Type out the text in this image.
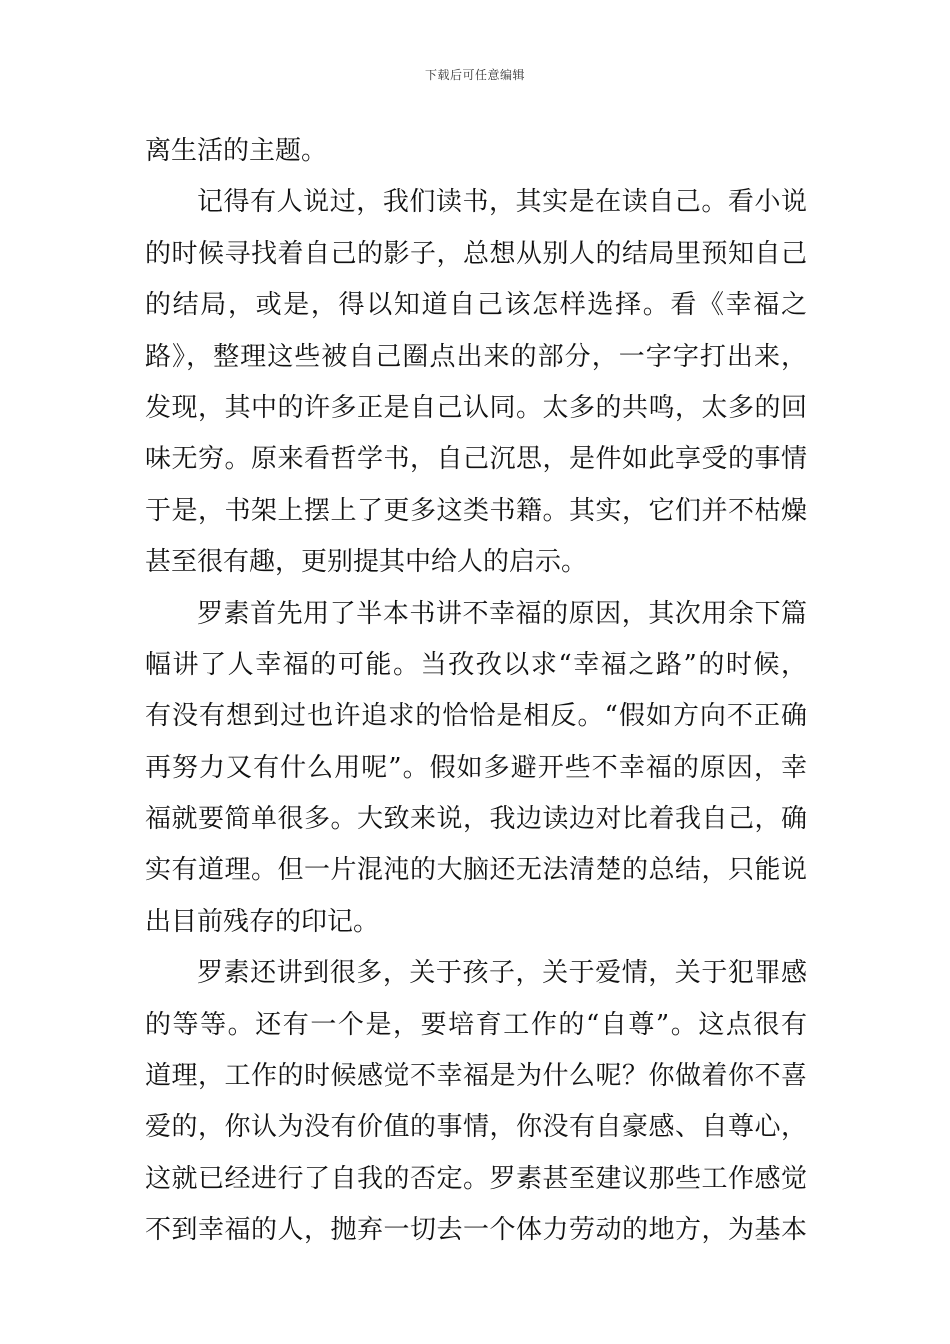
下载后可任意编辑
离生活的主题。
记得有人说过，我们读书，其实是在读自己。看小说
的时候寻找着自己的影子，总想从别人的结局里预知自己
的结局，或是，得以知道自己该怎样选择。看《幸福之
路》，整理这些被自己圈点出来的部分，一字字打出来，
发现，其中的许多正是自己认同。太多的共鸣，太多的回
味无穷。原来看哲学书，自己沉思，是件如此享受的事情
于是，书架上摆上了更多这类书籍。其实，它们并不枯燥
甚至很有趣，更别提其中给人的启示。
罗素首先用了半本书讲不幸福的原因，其次用余下篇
幅讲了人幸福的可能。当孜孜以求“幸福之路”的时候，
有没有想到过也许追求的恰恰是相反。“假如方向不正确
再努力又有什么用呢”。假如多避开些不幸福的原因，幸
福就要简单很多。大致来说，我边读边对比着我自己，确
实有道理。但一片混沌的大脑还无法清楚的总结，只能说
出目前残存的印记。
罗素还讲到很多，关于孩子，关于爱情，关于犯罪感
的等等。还有一个是，要培育工作的“自尊”。这点很有
道理，工作的时候感觉不幸福是为什么呢？你做着你不喜
爱的，你认为没有价值的事情，你没有自豪感、自尊心，
这就已经进行了自我的否定。罗素甚至建议那些工作感觉
不到幸福的人，抛弃一切去一个体力劳动的地方，为基本
